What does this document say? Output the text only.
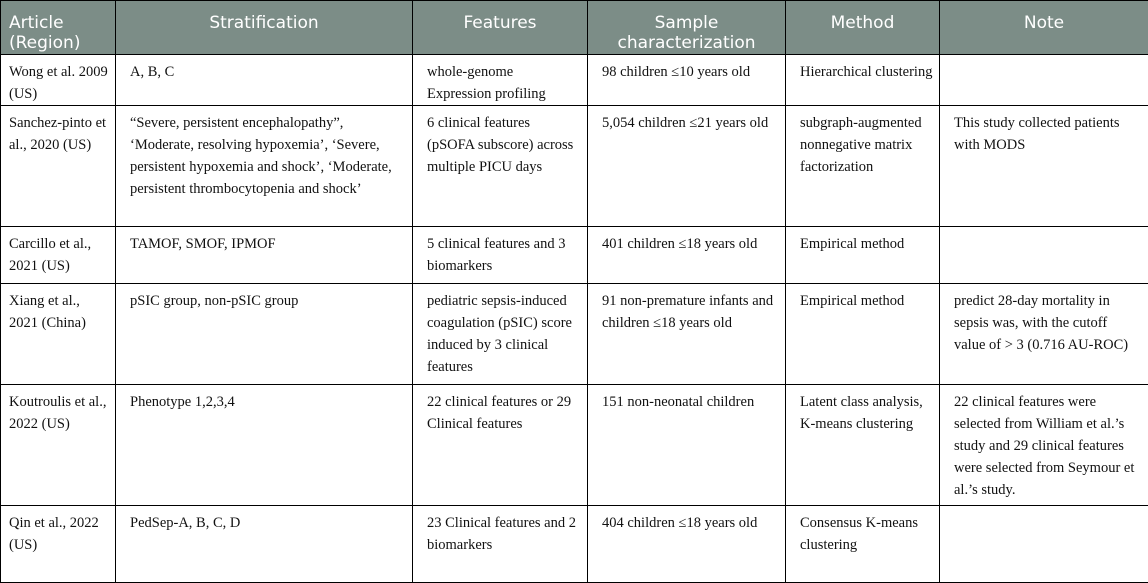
Article (Region)	Stratification	Features	Sample characterization	Method	Note
Wong et al. 2009 (US)	A, B, C	whole-genome Expression profiling	98 children ≤10 years old	Hierarchical clustering	
Sanchez-pinto et al., 2020 (US)	“Severe, persistent encephalopathy”, ‘Moderate, resolving hypoxemia’, ‘Severe, persistent hypoxemia and shock’, ‘Moderate, persistent thrombocytopenia and shock’	6 clinical features (pSOFA subscore) across multiple PICU days	5,054 children ≤21 years old	subgraph-augmented nonnegative matrix factorization	This study collected patients with MODS
Carcillo et al., 2021 (US)	TAMOF, SMOF, IPMOF	5 clinical features and 3 biomarkers	401 children ≤18 years old	Empirical method	
Xiang et al., 2021 (China)	pSIC group, non-pSIC group	pediatric sepsis-induced coagulation (pSIC) score induced by 3 clinical features	91 non-premature infants and children ≤18 years old	Empirical method	predict 28-day mortality in sepsis was, with the cutoff value of > 3 (0.716 AU-ROC)
Koutroulis et al., 2022 (US)	Phenotype 1,2,3,4	22 clinical features or 29 Clinical features	151 non-neonatal children	Latent class analysis, K-means clustering	22 clinical features were selected from William et al.’s study and 29 clinical features were selected from Seymour et al.’s study.
Qin et al., 2022 (US)	PedSep-A, B, C, D	23 Clinical features and 2 biomarkers	404 children ≤18 years old	Consensus K-means clustering	
